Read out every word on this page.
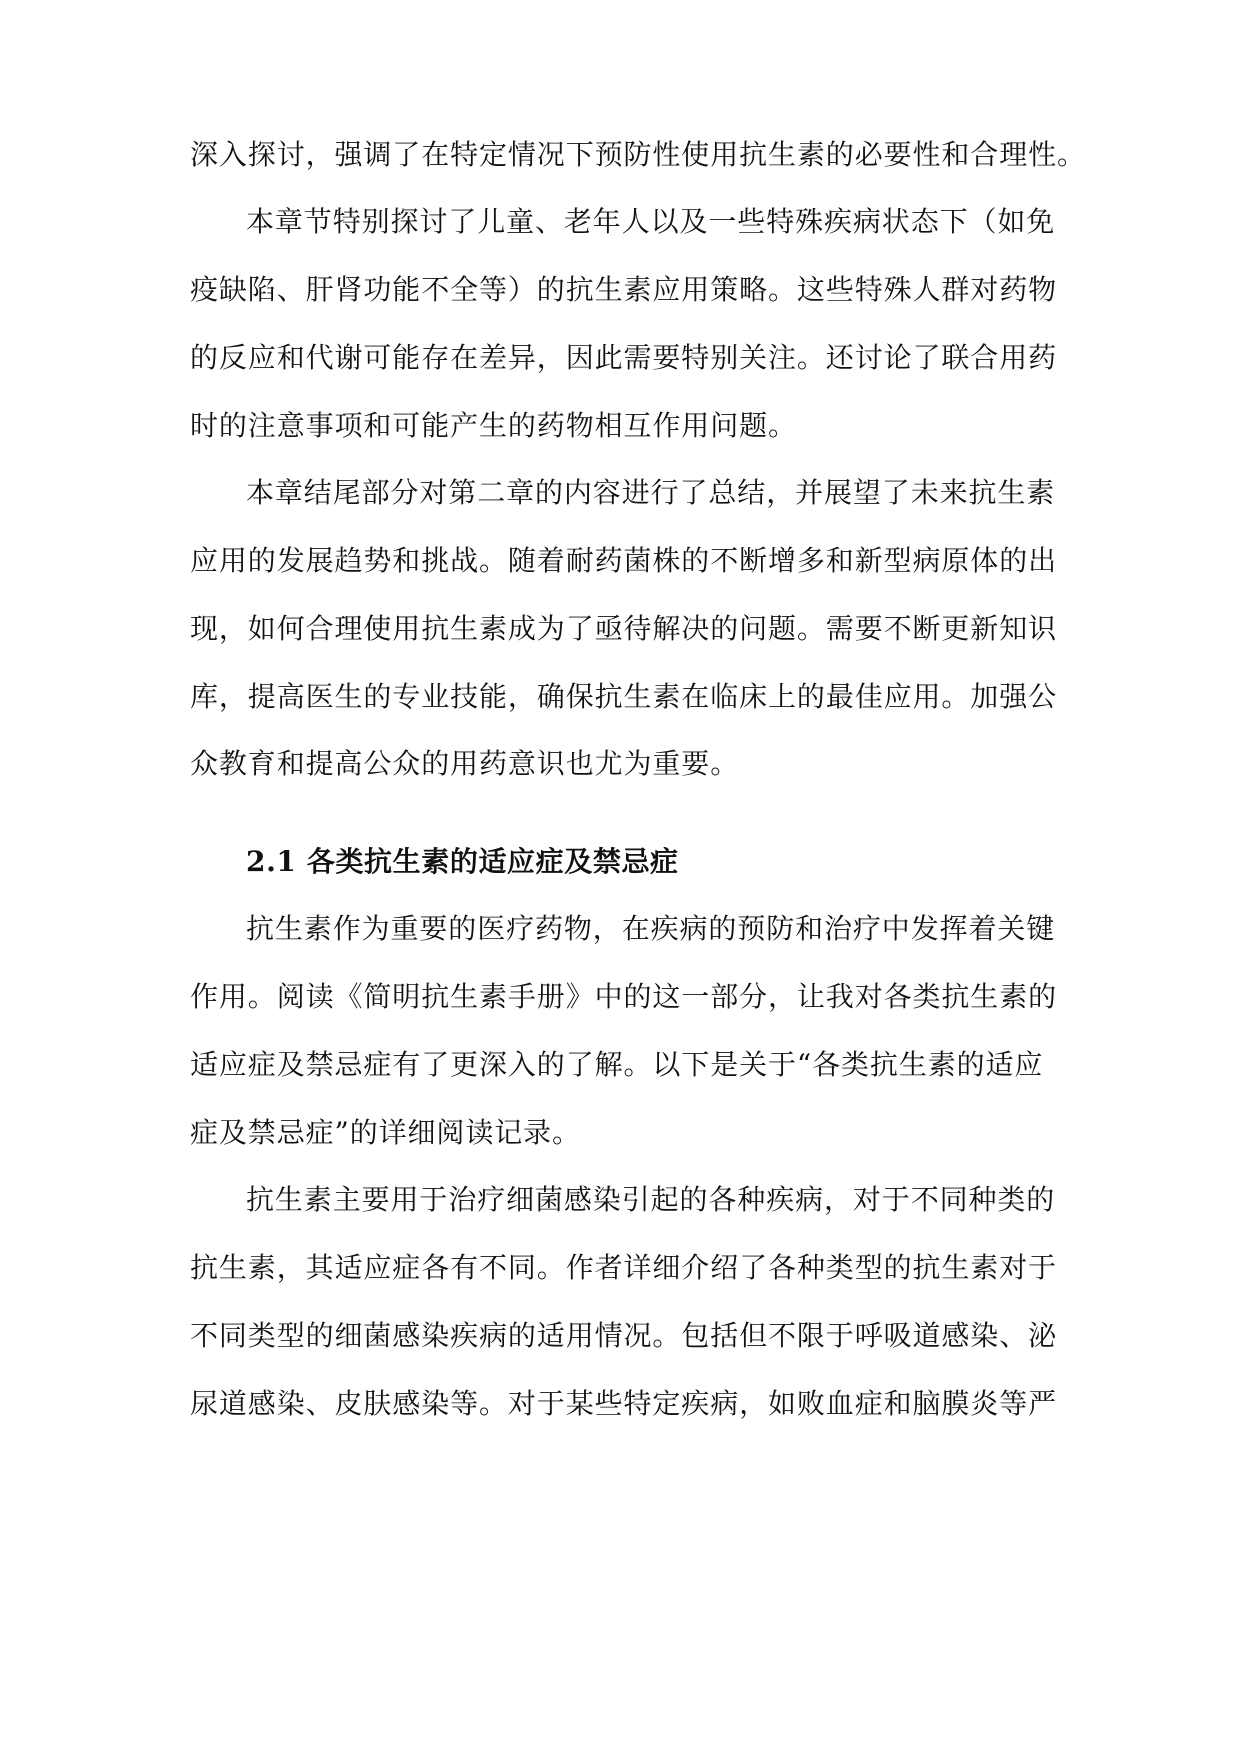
深入探讨，强调了在特定情况下预防性使用抗生素的必要性和合理性。
本章节特别探讨了儿童、老年人以及一些特殊疾病状态下（如免
疫缺陷、肝肾功能不全等）的抗生素应用策略。这些特殊人群对药物
的反应和代谢可能存在差异，因此需要特别关注。还讨论了联合用药
时的注意事项和可能产生的药物相互作用问题。
本章结尾部分对第二章的内容进行了总结，并展望了未来抗生素
应用的发展趋势和挑战。随着耐药菌株的不断增多和新型病原体的出
现，如何合理使用抗生素成为了亟待解决的问题。需要不断更新知识
库，提高医生的专业技能，确保抗生素在临床上的最佳应用。加强公
众教育和提高公众的用药意识也尤为重要。
2.1 各类抗生素的适应症及禁忌症
抗生素作为重要的医疗药物，在疾病的预防和治疗中发挥着关键
作用。阅读《简明抗生素手册》中的这一部分，让我对各类抗生素的
适应症及禁忌症有了更深入的了解。以下是关于“各类抗生素的适应
症及禁忌症”的详细阅读记录。
抗生素主要用于治疗细菌感染引起的各种疾病，对于不同种类的
抗生素，其适应症各有不同。作者详细介绍了各种类型的抗生素对于
不同类型的细菌感染疾病的适用情况。包括但不限于呼吸道感染、泌
尿道感染、皮肤感染等。对于某些特定疾病，如败血症和脑膜炎等严
